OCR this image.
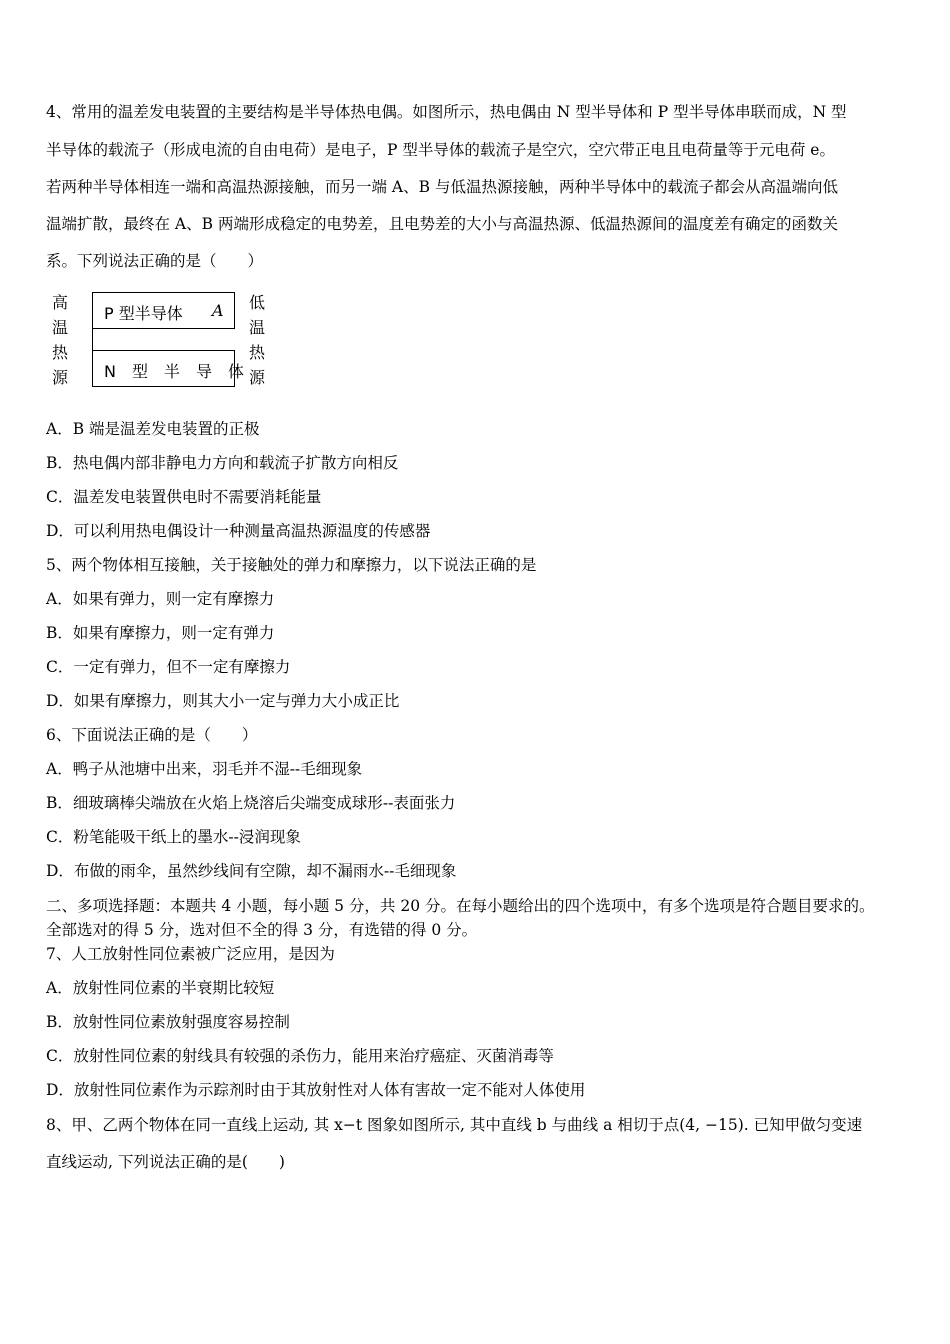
4、常用的温差发电装置的主要结构是半导体热电偶。如图所示，热电偶由 N 型半导体和 P 型半导体串联而成，N 型
半导体的载流子（形成电流的自由电荷）是电子，P 型半导体的载流子是空穴，空穴带正电且电荷量等于元电荷 e。
若两种半导体相连一端和高温热源接触，而另一端 A、B 与低温热源接触，两种半导体中的载流子都会从高温端向低
温端扩散，最终在 A、B 两端形成稳定的电势差，且电势差的大小与高温热源、低温热源间的温度差有确定的函数关
系。下列说法正确的是（　　）
高
温
热
源
P 型半导体 A
N　型　半　导　体
低
温
热
源
A．B 端是温差发电装置的正极
B．热电偶内部非静电力方向和载流子扩散方向相反
C．温差发电装置供电时不需要消耗能量
D．可以利用热电偶设计一种测量高温热源温度的传感器
5、两个物体相互接触，关于接触处的弹力和摩擦力，以下说法正确的是
A．如果有弹力，则一定有摩擦力
B．如果有摩擦力，则一定有弹力
C．一定有弹力，但不一定有摩擦力
D．如果有摩擦力，则其大小一定与弹力大小成正比
6、下面说法正确的是（　　）
A．鸭子从池塘中出来，羽毛并不湿--毛细现象
B．细玻璃棒尖端放在火焰上烧溶后尖端变成球形--表面张力
C．粉笔能吸干纸上的墨水--浸润现象
D．布做的雨伞，虽然纱线间有空隙，却不漏雨水--毛细现象
二、多项选择题：本题共 4 小题，每小题 5 分，共 20 分。在每小题给出的四个选项中，有多个选项是符合题目要求的。
全部选对的得 5 分，选对但不全的得 3 分，有选错的得 0 分。
7、人工放射性同位素被广泛应用，是因为
A．放射性同位素的半衰期比较短
B．放射性同位素放射强度容易控制
C．放射性同位素的射线具有较强的杀伤力，能用来治疗癌症、灭菌消毒等
D．放射性同位素作为示踪剂时由于其放射性对人体有害故一定不能对人体使用
8、甲、乙两个物体在同一直线上运动, 其 x−t 图象如图所示, 其中直线 b 与曲线 a 相切于点(4, −15). 已知甲做匀变速
直线运动, 下列说法正确的是(　　)
